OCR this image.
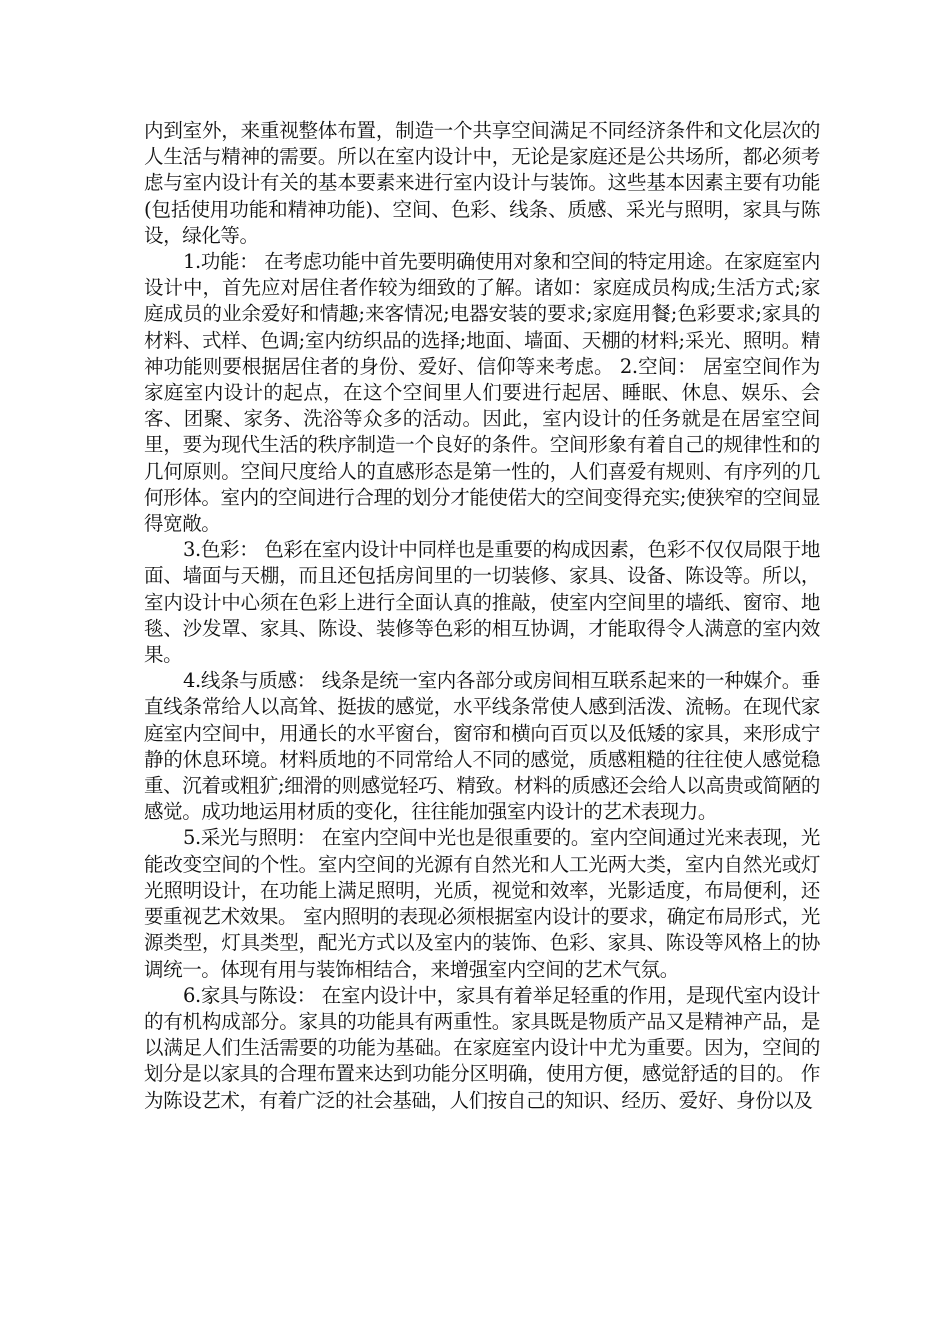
内到室外，来重视整体布置，制造一个共享空间满足不同经济条件和文化层次的人生活与精神的需要。所以在室内设计中，无论是家庭还是公共场所，都必须考虑与室内设计有关的基本要素来进行室内设计与装饰。这些基本因素主要有功能(包括使用功能和精神功能)、空间、色彩、线条、质感、采光与照明，家具与陈设，绿化等。

1.功能： 在考虑功能中首先要明确使用对象和空间的特定用途。在家庭室内设计中，首先应对居住者作较为细致的了解。诸如：家庭成员构成;生活方式;家庭成员的业余爱好和情趣;来客情况;电器安装的要求;家庭用餐;色彩要求;家具的材料、式样、色调;室内纺织品的选择;地面、墙面、天棚的材料;采光、照明。精神功能则要根据居住者的身份、爱好、信仰等来考虑。 2.空间： 居室空间作为家庭室内设计的起点，在这个空间里人们要进行起居、睡眠、休息、娱乐、会客、团聚、家务、洗浴等众多的活动。因此，室内设计的任务就是在居室空间里，要为现代生活的秩序制造一个良好的条件。空间形象有着自己的规律性和的几何原则。空间尺度给人的直感形态是第一性的，人们喜爱有规则、有序列的几何形体。室内的空间进行合理的划分才能使偌大的空间变得充实;使狭窄的空间显得宽敞。

3.色彩： 色彩在室内设计中同样也是重要的构成因素，色彩不仅仅局限于地面、墙面与天棚，而且还包括房间里的一切装修、家具、设备、陈设等。所以，室内设计中心须在色彩上进行全面认真的推敲，使室内空间里的墙纸、窗帘、地毯、沙发罩、家具、陈设、装修等色彩的相互协调，才能取得令人满意的室内效果。

4.线条与质感： 线条是统一室内各部分或房间相互联系起来的一种媒介。垂直线条常给人以高耸、挺拔的感觉，水平线条常使人感到活泼、流畅。在现代家庭室内空间中，用通长的水平窗台，窗帘和横向百页以及低矮的家具，来形成宁静的休息环境。材料质地的不同常给人不同的感觉，质感粗糙的往往使人感觉稳重、沉着或粗犷;细滑的则感觉轻巧、精致。材料的质感还会给人以高贵或简陋的感觉。成功地运用材质的变化，往往能加强室内设计的艺术表现力。

5.采光与照明： 在室内空间中光也是很重要的。室内空间通过光来表现，光能改变空间的个性。室内空间的光源有自然光和人工光两大类，室内自然光或灯光照明设计，在功能上满足照明，光质，视觉和效率，光影适度，布局便利，还要重视艺术效果。 室内照明的表现必须根据室内设计的要求，确定布局形式，光源类型，灯具类型，配光方式以及室内的装饰、色彩、家具、陈设等风格上的协调统一。体现有用与装饰相结合，来增强室内空间的艺术气氛。

6.家具与陈设： 在室内设计中，家具有着举足轻重的作用，是现代室内设计的有机构成部分。家具的功能具有两重性。家具既是物质产品又是精神产品，是以满足人们生活需要的功能为基础。在家庭室内设计中尤为重要。因为，空间的划分是以家具的合理布置来达到功能分区明确，使用方便，感觉舒适的目的。 作为陈设艺术，有着广泛的社会基础，人们按自己的知识、经历、爱好、身份以及
